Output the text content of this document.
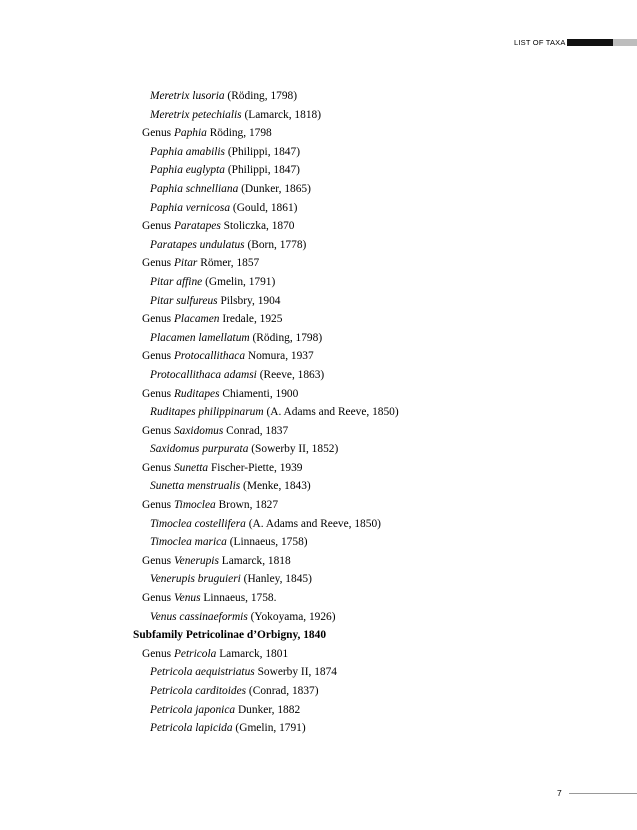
LIST OF TAXA
Meretrix lusoria (Röding, 1798)
Meretrix petechialis (Lamarck, 1818)
Genus Paphia Röding, 1798
Paphia amabilis (Philippi, 1847)
Paphia euglypta (Philippi, 1847)
Paphia schnelliana (Dunker, 1865)
Paphia vernicosa (Gould, 1861)
Genus Paratapes Stoliczka, 1870
Paratapes undulatus (Born, 1778)
Genus Pitar Römer, 1857
Pitar affine (Gmelin, 1791)
Pitar sulfureus Pilsbry, 1904
Genus Placamen Iredale, 1925
Placamen lamellatum (Röding, 1798)
Genus Protocallithaca Nomura, 1937
Protocallithaca adamsi (Reeve, 1863)
Genus Ruditapes Chiamenti, 1900
Ruditapes philippinarum (A. Adams and Reeve, 1850)
Genus Saxidomus Conrad, 1837
Saxidomus purpurata (Sowerby II, 1852)
Genus Sunetta Fischer-Piette, 1939
Sunetta menstrualis (Menke, 1843)
Genus Timoclea Brown, 1827
Timoclea costellifera (A. Adams and Reeve, 1850)
Timoclea marica (Linnaeus, 1758)
Genus Venerupis Lamarck, 1818
Venerupis bruguieri (Hanley, 1845)
Genus Venus Linnaeus, 1758.
Venus cassinaeformis (Yokoyama, 1926)
Subfamily Petricolinae d’Orbigny, 1840
Genus Petricola Lamarck, 1801
Petricola aequistriatus Sowerby II, 1874
Petricola carditoides (Conrad, 1837)
Petricola japonica Dunker, 1882
Petricola lapicida (Gmelin, 1791)
7
